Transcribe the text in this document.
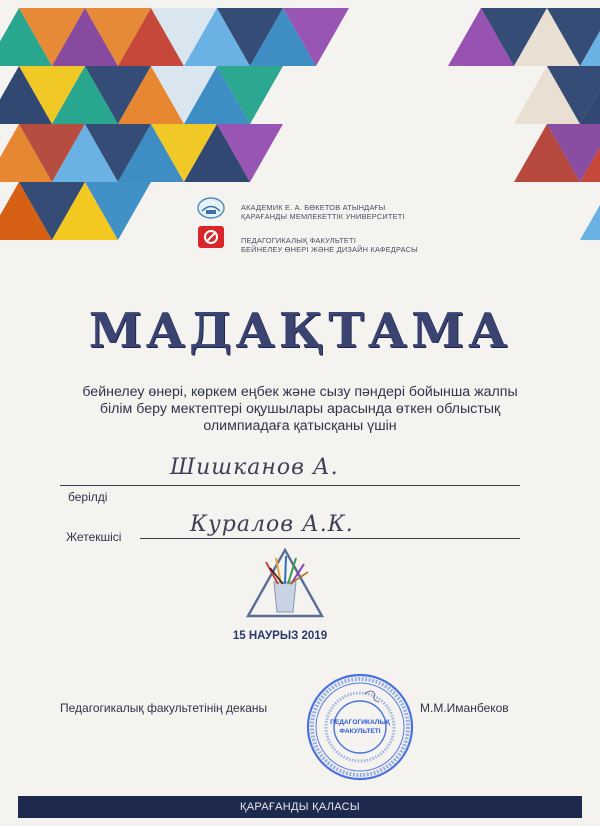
АКАДЕМИК Е. А. БӨКЕТОВ АТЫНДАҒЫ
ҚАРАҒАНДЫ МЕМЛЕКЕТТІК УНИВЕРСИТЕТІ
ПЕДАГОГИКАЛЫҚ ФАКУЛЬТЕТІ
БЕЙНЕЛЕУ ӨНЕРІ ЖӘНЕ ДИЗАЙН КАФЕДРАСЫ
МАДАҚТАМА
бейнелеу өнері, көркем еңбек және сызу пәндері бойынша жалпы
білім беру мектептері оқушылары арасында өткен облыстық
олимпиадаға қатысқаны үшін
Шишканов А.
берілді
Жетекшісі	Куралов А.К.
15 НАУРЫЗ 2019
Педагогикалық факультетінің деканы	М.М.Иманбеков
ПЕДАГОГИКАЛЫҚ
ФАКУЛЬТЕТІ
ҚАРАҒАНДЫ ҚАЛАСЫ
